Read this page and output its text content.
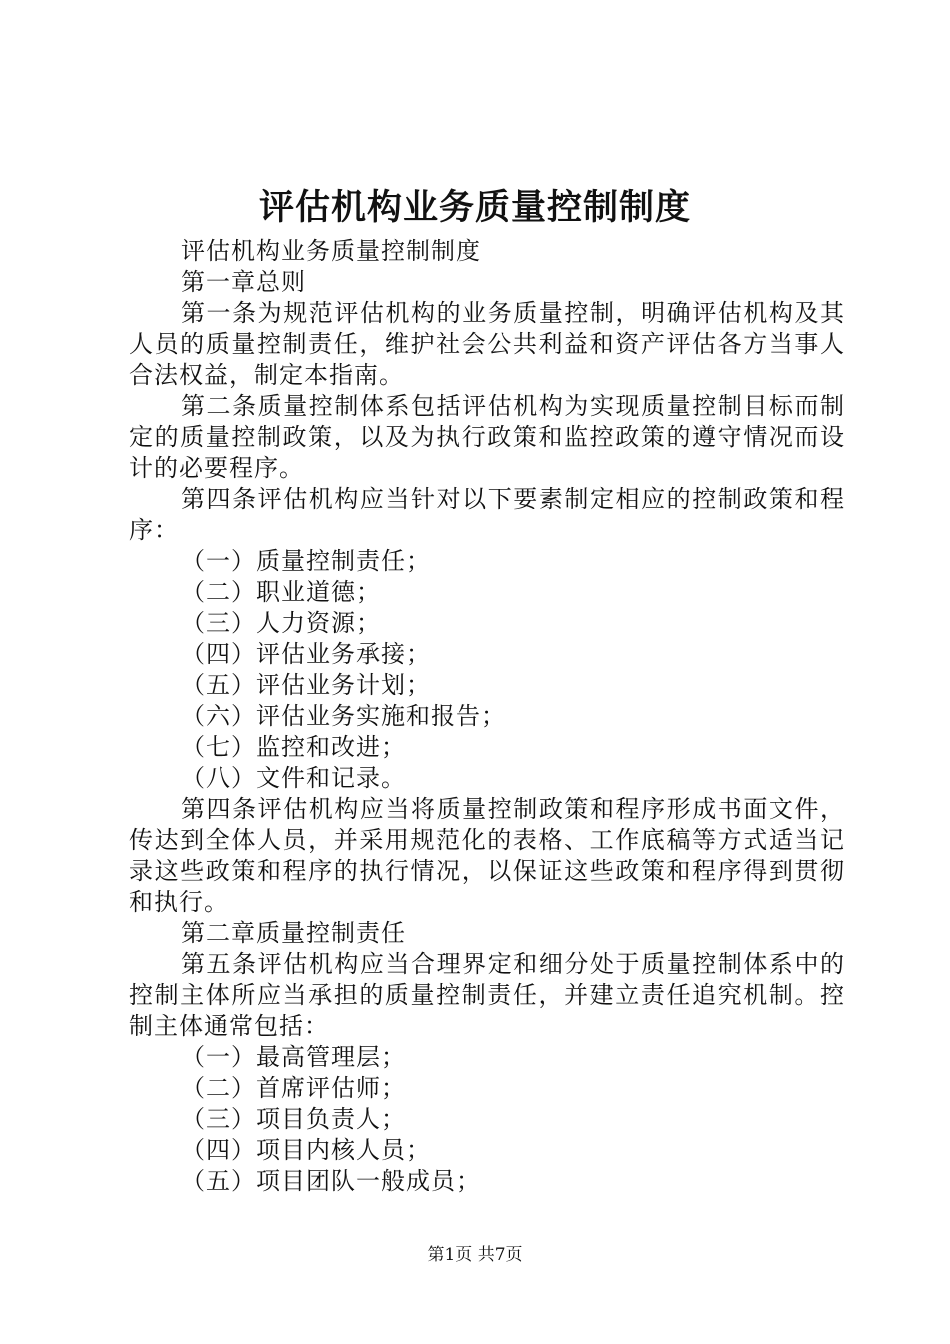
评估机构业务质量控制制度

评估机构业务质量控制制度

第一章总则

第一条为规范评估机构的业务质量控制，明确评估机构及其人员的质量控制责任，维护社会公共利益和资产评估各方当事人合法权益，制定本指南。

第二条质量控制体系包括评估机构为实现质量控制目标而制定的质量控制政策，以及为执行政策和监控政策的遵守情况而设计的必要程序。

第四条评估机构应当针对以下要素制定相应的控制政策和程序：

（一）质量控制责任；

（二）职业道德；

（三）人力资源；

（四）评估业务承接；

（五）评估业务计划；

（六）评估业务实施和报告；

（七）监控和改进；

（八）文件和记录。

第四条评估机构应当将质量控制政策和程序形成书面文件，传达到全体人员，并采用规范化的表格、工作底稿等方式适当记录这些政策和程序的执行情况，以保证这些政策和程序得到贯彻和执行。

第二章质量控制责任

第五条评估机构应当合理界定和细分处于质量控制体系中的控制主体所应当承担的质量控制责任，并建立责任追究机制。控制主体通常包括：

（一）最高管理层；

（二）首席评估师；

（三）项目负责人；

（四）项目内核人员；

（五）项目团队一般成员；

第1页 共7页
